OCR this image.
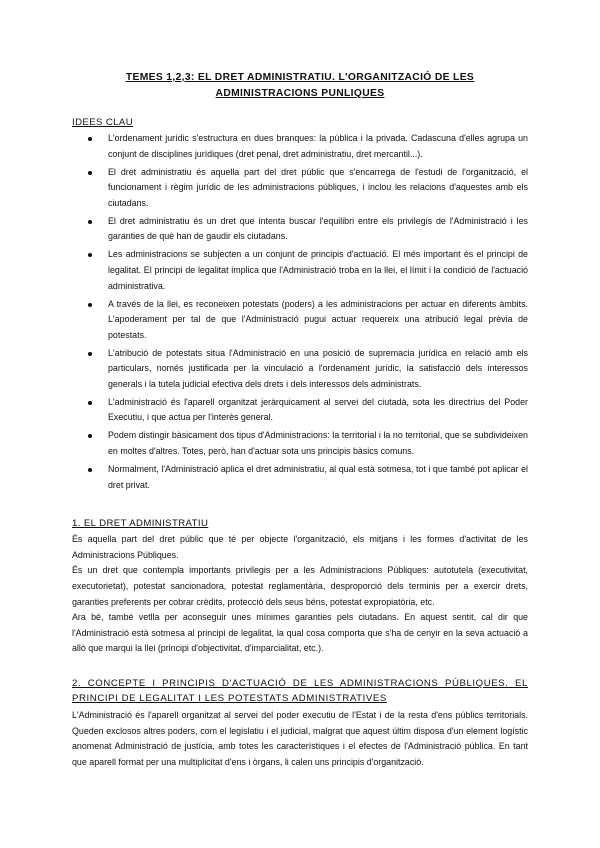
TEMES 1,2,3: EL DRET ADMINISTRATIU. L'ORGANITZACIÓ DE LES
ADMINISTRACIONS PUNLIQUES
IDEES CLAU
L'ordenament jurídic s'estructura en dues branques: la pública i la privada. Cadascuna d'elles agrupa un conjunt de disciplines jurídiques (dret penal, dret administratiu, dret mercantil...).
El dret administratiu és aquella part del dret públic que s'encarrega de l'estudi de l'organització, el funcionament i règim jurídic de les administracions públiques, i inclou les relacions d'aquestes amb els ciutadans.
El dret administratiu és un dret que intenta buscar l'equilibri entre els privilegis de l'Administració i les garanties de què han de gaudir els ciutadans.
Les administracions se subjecten a un conjunt de principis d'actuació. El més important és el principi de legalitat. El principi de legalitat implica que l'Administració troba en la llei, el límit i la condició de l'actuació administrativa.
A través de la llei, es reconeixen potestats (poders) a les administracions per actuar en diferents àmbits. L'apoderament per tal de que l'Administració pugui actuar requereix una atribució legal prèvia de potestats.
L'atribució de potestats situa l'Administració en una posició de supremacia jurídica en relació amb els particulars, només justificada per la vinculació a l'ordenament jurídic, la satisfacció dels interessos generals i la tutela judicial efectiva dels drets i dels interessos dels administrats.
L'administració és l'aparell organitzat jeràrquicament al servei del ciutadà, sota les directrius del Poder Executiu, i que actua per l'interès general.
Podem distingir bàsicament dos tipus d'Administracions: la territorial i la no territorial, que se subdivideixen en moltes d'altres. Totes, però, han d'actuar sota uns principis bàsics comuns.
Normalment, l'Administració aplica el dret administratiu, al qual està sotmesa, tot i que també pot aplicar el dret privat.
1. EL DRET ADMINISTRATIU

És aquella part del dret públic que té per objecte l'organització, els mitjans i les formes d'activitat de les Administracions Públiques.

És un dret que contempla importants privilegis per a les Administracions Públiques: autotutela (executivitat, executorietat), potestat sancionadora, potestat reglamentària, desproporció dels terminis per a exercir drets, garanties preferents per cobrar crèdits, protecció dels seus béns, potestat expropiatòria, etc.

Ara bé, també vetlla per aconseguir unes mínimes garanties pels ciutadans. En aquest sentit, cal dir que l'Administració està sotmesa al principi de legalitat, la qual cosa comporta que s'ha de cenyir en la seva actuació a allò que marqui la llei (principi d'objectivitat, d'imparcialitat, etc.).

2. CONCEPTE I PRINCIPIS D'ACTUACIÓ DE LES ADMINISTRACIONS PÚBLIQUES. EL PRINCIPI DE LEGALITAT I LES POTESTATS ADMINISTRATIVES

L'Administració és l'aparell organitzat al servei del poder executiu de l'Estat i de la resta d'ens públics territorials. Queden exclosos altres poders, com el legislatiu i el judicial, malgrat que aquest últim disposa d'un element logístic anomenat Administració de justícia, amb totes les característiques i el efectes de l'Administració pública. En tant que aparell format per una multiplicitat d'ens i òrgans, li calen uns principis d'organització.
